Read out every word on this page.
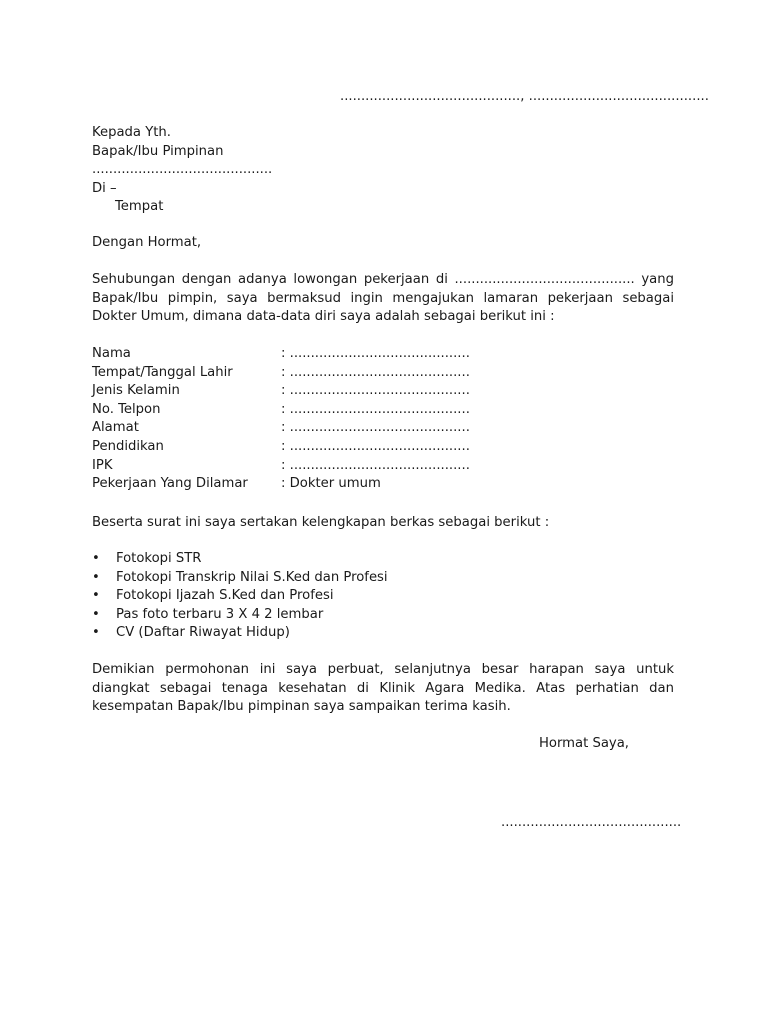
..........................................., ...........................................
Kepada Yth.
Bapak/Ibu Pimpinan
...........................................
Di –
Tempat
Dengan Hormat,
Sehubungan dengan adanya lowongan pekerjaan di ........................................... yang Bapak/Ibu pimpin, saya bermaksud ingin mengajukan lamaran pekerjaan sebagai Dokter Umum, dimana data-data diri saya adalah sebagai berikut ini :
Nama	: ...........................................
Tempat/Tanggal Lahir	: ...........................................
Jenis Kelamin	: ...........................................
No. Telpon	: ...........................................
Alamat	: ...........................................
Pendidikan	: ...........................................
IPK	: ...........................................
Pekerjaan Yang Dilamar	: Dokter umum
Beserta surat ini saya sertakan kelengkapan berkas sebagai berikut :
• Fotokopi STR
• Fotokopi Transkrip Nilai S.Ked dan Profesi
• Fotokopi Ijazah S.Ked dan Profesi
• Pas foto terbaru 3 X 4 2 lembar
• CV (Daftar Riwayat Hidup)
Demikian permohonan ini saya perbuat, selanjutnya besar harapan saya untuk diangkat sebagai tenaga kesehatan di Klinik Agara Medika. Atas perhatian dan kesempatan Bapak/Ibu pimpinan saya sampaikan terima kasih.
Hormat Saya,
...........................................
